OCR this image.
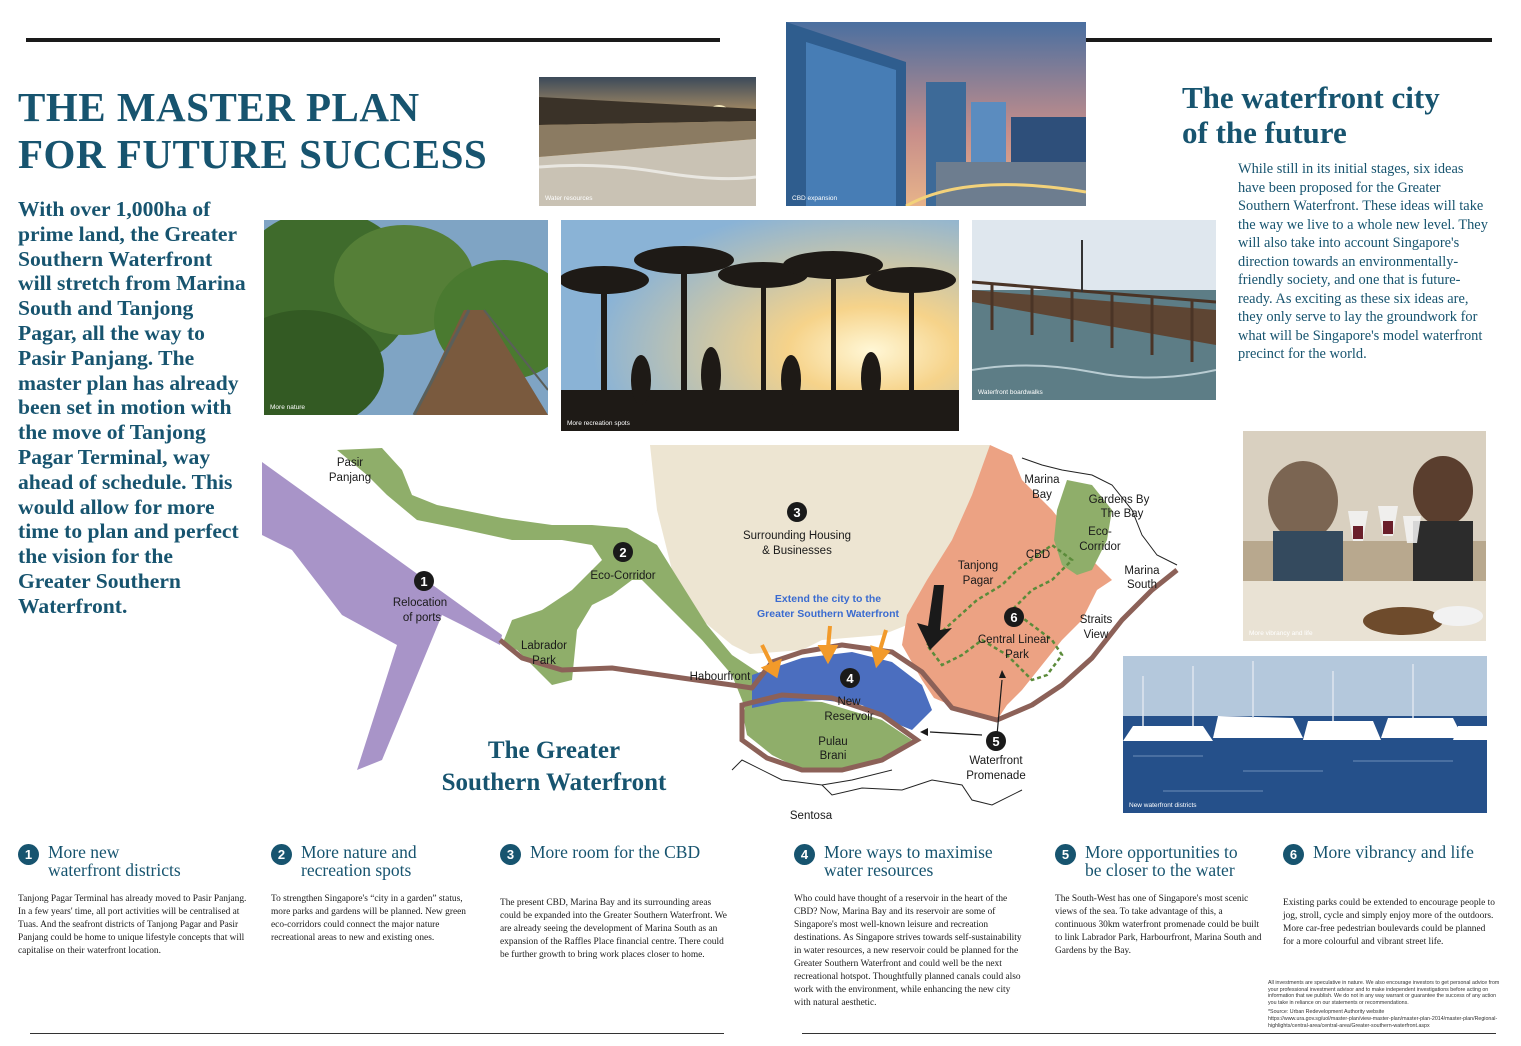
THE MASTER PLAN
FOR FUTURE SUCCESS

With over 1,000ha of prime land, the Greater Southern Waterfront will stretch from Marina South and Tanjong Pagar, all the way to Pasir Panjang. The master plan has already been set in motion with the move of Tanjong Pagar Terminal, way ahead of schedule. This would allow for more time to plan and perfect the vision for the Greater Southern Waterfront.

The waterfront city
of the future

While still in its initial stages, six ideas have been proposed for the Greater Southern Waterfront. These ideas will take the way we live to a whole new level. They will also take into account Singapore's direction towards an environmentally-friendly society, and one that is future-ready. As exciting as these six ideas are, they only serve to lay the groundwork for what will be Singapore's model waterfront precinct for the world.

Water resources	CBD expansion
More nature
More recreation spots
Waterfront boardwalks
More vibrancy and life
New waterfront districts
1
2
3
4
5
6
Pasir Panjang
Relocation of ports
Eco-Corridor
Surrounding Housing & Businesses
Extend the city to the Greater Southern Waterfront
Labrador Park
Habourfront
New Reservoir
Pulau Brani
Sentosa
Waterfront Promenade
Marina Bay	Gardens By The Bay
Eco-Corridor
CBD
Tanjong Pagar
Marina South
Straits View
Central Linear Park
The Greater Southern Waterfront
1 More new
waterfront districts

Tanjong Pagar Terminal has already moved to Pasir Panjang. In a few years' time, all port activities will be centralised at Tuas. And the seafront districts of Tanjong Pagar and Pasir Panjang could be home to unique lifestyle concepts that will capitalise on their waterfront location.

2 More nature and
recreation spots

To strengthen Singapore's “city in a garden” status, more parks and gardens will be planned. New green eco-corridors could connect the major nature recreational areas to new and existing ones.

3 More room for the CBD

The present CBD, Marina Bay and its surrounding areas could be expanded into the Greater Southern Waterfront. We are already seeing the development of Marina South as an expansion of the Raffles Place financial centre. There could be further growth to bring work places closer to home.

4 More ways to maximise
water resources

Who could have thought of a reservoir in the heart of the CBD? Now, Marina Bay and its reservoir are some of Singapore's most well-known leisure and recreation destinations. As Singapore strives towards self-sustainability in water resources, a new reservoir could be planned for the Greater Southern Waterfront and could well be the next recreational hotspot. Thoughtfully planned canals could also work with the environment, while enhancing the new city with natural aesthetic.

5 More opportunities to
be closer to the water

The South-West has one of Singapore's most scenic views of the sea. To take advantage of this, a continuous 30km waterfront promenade could be built to link Labrador Park, Harbourfront, Marina South and Gardens by the Bay.

6 More vibrancy and life

Existing parks could be extended to encourage people to jog, stroll, cycle and simply enjoy more of the outdoors. More car-free pedestrian boulevards could be planned for a more colourful and vibrant street life.

All investments are speculative in nature. We also encourage investors to get personal advice from your professional investment advisor and to make independent investigations before acting on information that we publish. We do not in any way warrant or guarantee the success of any action you take in reliance on our statements or recommendations.

*Source: Urban Redevelopment Authority website

https://www.ura.gov.sg/uol/master-plan/view-master-plan/master-plan-2014/master-plan/Regional-highlights/central-area/central-area/Greater-southern-waterfront.aspx
